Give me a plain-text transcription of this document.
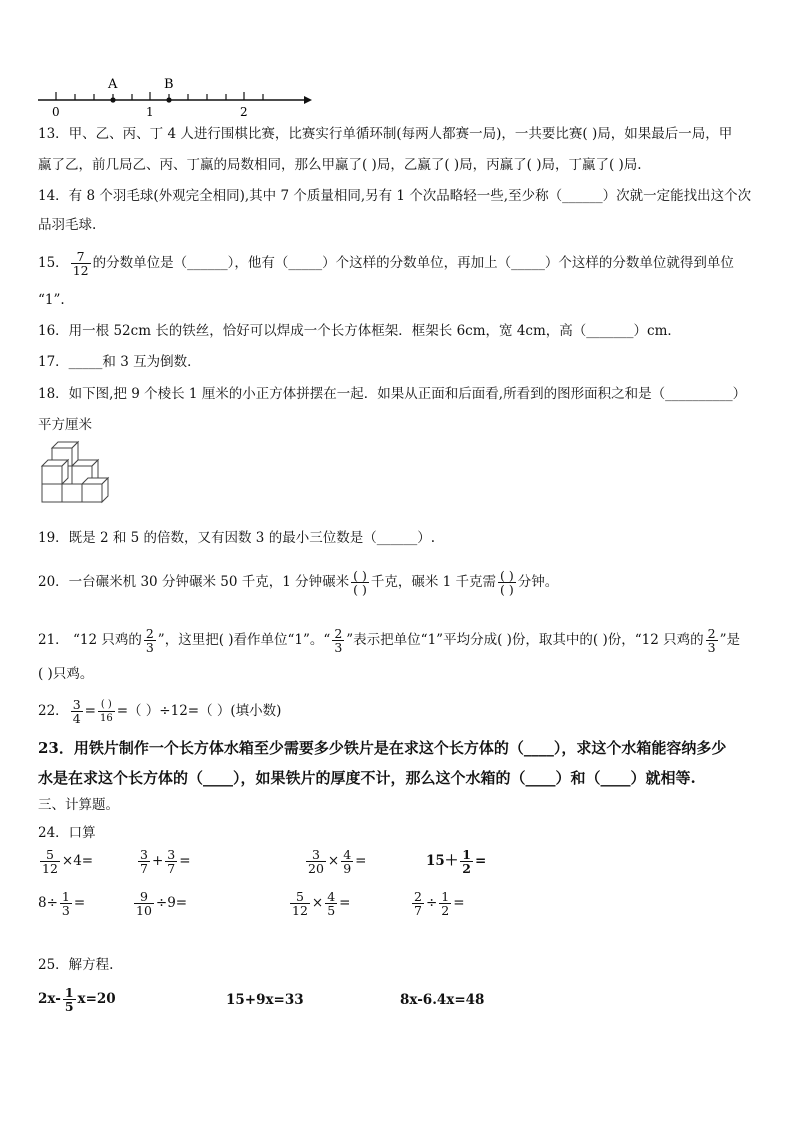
A	B
0	1	2
13．甲、乙、丙、丁 4 人进行围棋比赛，比赛实行单循环制(每两人都赛一局)，一共要比赛( )局，如果最后一局，甲
赢了乙，前几局乙、丙、丁赢的局数相同，那么甲赢了( )局，乙赢了( )局，丙赢了( )局，丁赢了( )局.
14．有 8 个羽毛球(外观完全相同),其中 7 个质量相同,另有 1 个次品略轻一些,至少称（______）次就一定能找出这个次
品羽毛球.
15． $\frac{7}{12}$ 的分数单位是（______），他有（_____）个这样的分数单位，再加上（_____）个这样的分数单位就得到单位
“1”.
16．用一根 52cm 长的铁丝，恰好可以焊成一个长方体框架．框架长 6cm，宽 4cm，高（_______）cm．
17．_____和 3 互为倒数．
18．如下图,把 9 个棱长 1 厘米的小正方体拼摆在一起．如果从正面和后面看,所看到的图形面积之和是（__________）
平方厘米
19．既是 2 和 5 的倍数，又有因数 3 的最小三位数是（______）.
20．一台碾米机 30 分钟碾米 50 千克，1 分钟碾米 $\frac{( )}{( )}$ 千克，碾米 1 千克需 $\frac{( )}{( )}$ 分钟。
21． “12 只鸡的 $\frac{2}{3}$ ”，这里把( )看作单位“1”。“ $\frac{2}{3}$ ”表示把单位“1”平均分成( )份，取其中的( )份，“12 只鸡的 $\frac{2}{3}$ ”是
( )只鸡。
22． $\frac{3}{4} = \frac{( )}{16}$ =（ ）÷12=（ ）(填小数)
23．用铁片制作一个长方体水箱至少需要多少铁片是在求这个长方体的（____），求这个水箱能容纳多少
水是在求这个长方体的（____），如果铁片的厚度不计，那么这个水箱的（____）和（____）就相等.
三、计算题。
24．口算
$\frac{5}{12} \times 4=$	$\frac{3}{7} + \frac{3}{7}$ =	$\frac{3}{20} \times \frac{4}{9}$ =	$15+ \frac{1}{2}$ =
$8\div \frac{1}{3}$ =	$\frac{9}{10} \div 9=$	$\frac{5}{12} \times \frac{4}{5}$ =	$\frac{2}{7} \div \frac{1}{2}$ =
25．解方程.
$2x- \frac{1}{5} x=20$	15+9x=33	8x-6.4x=48
